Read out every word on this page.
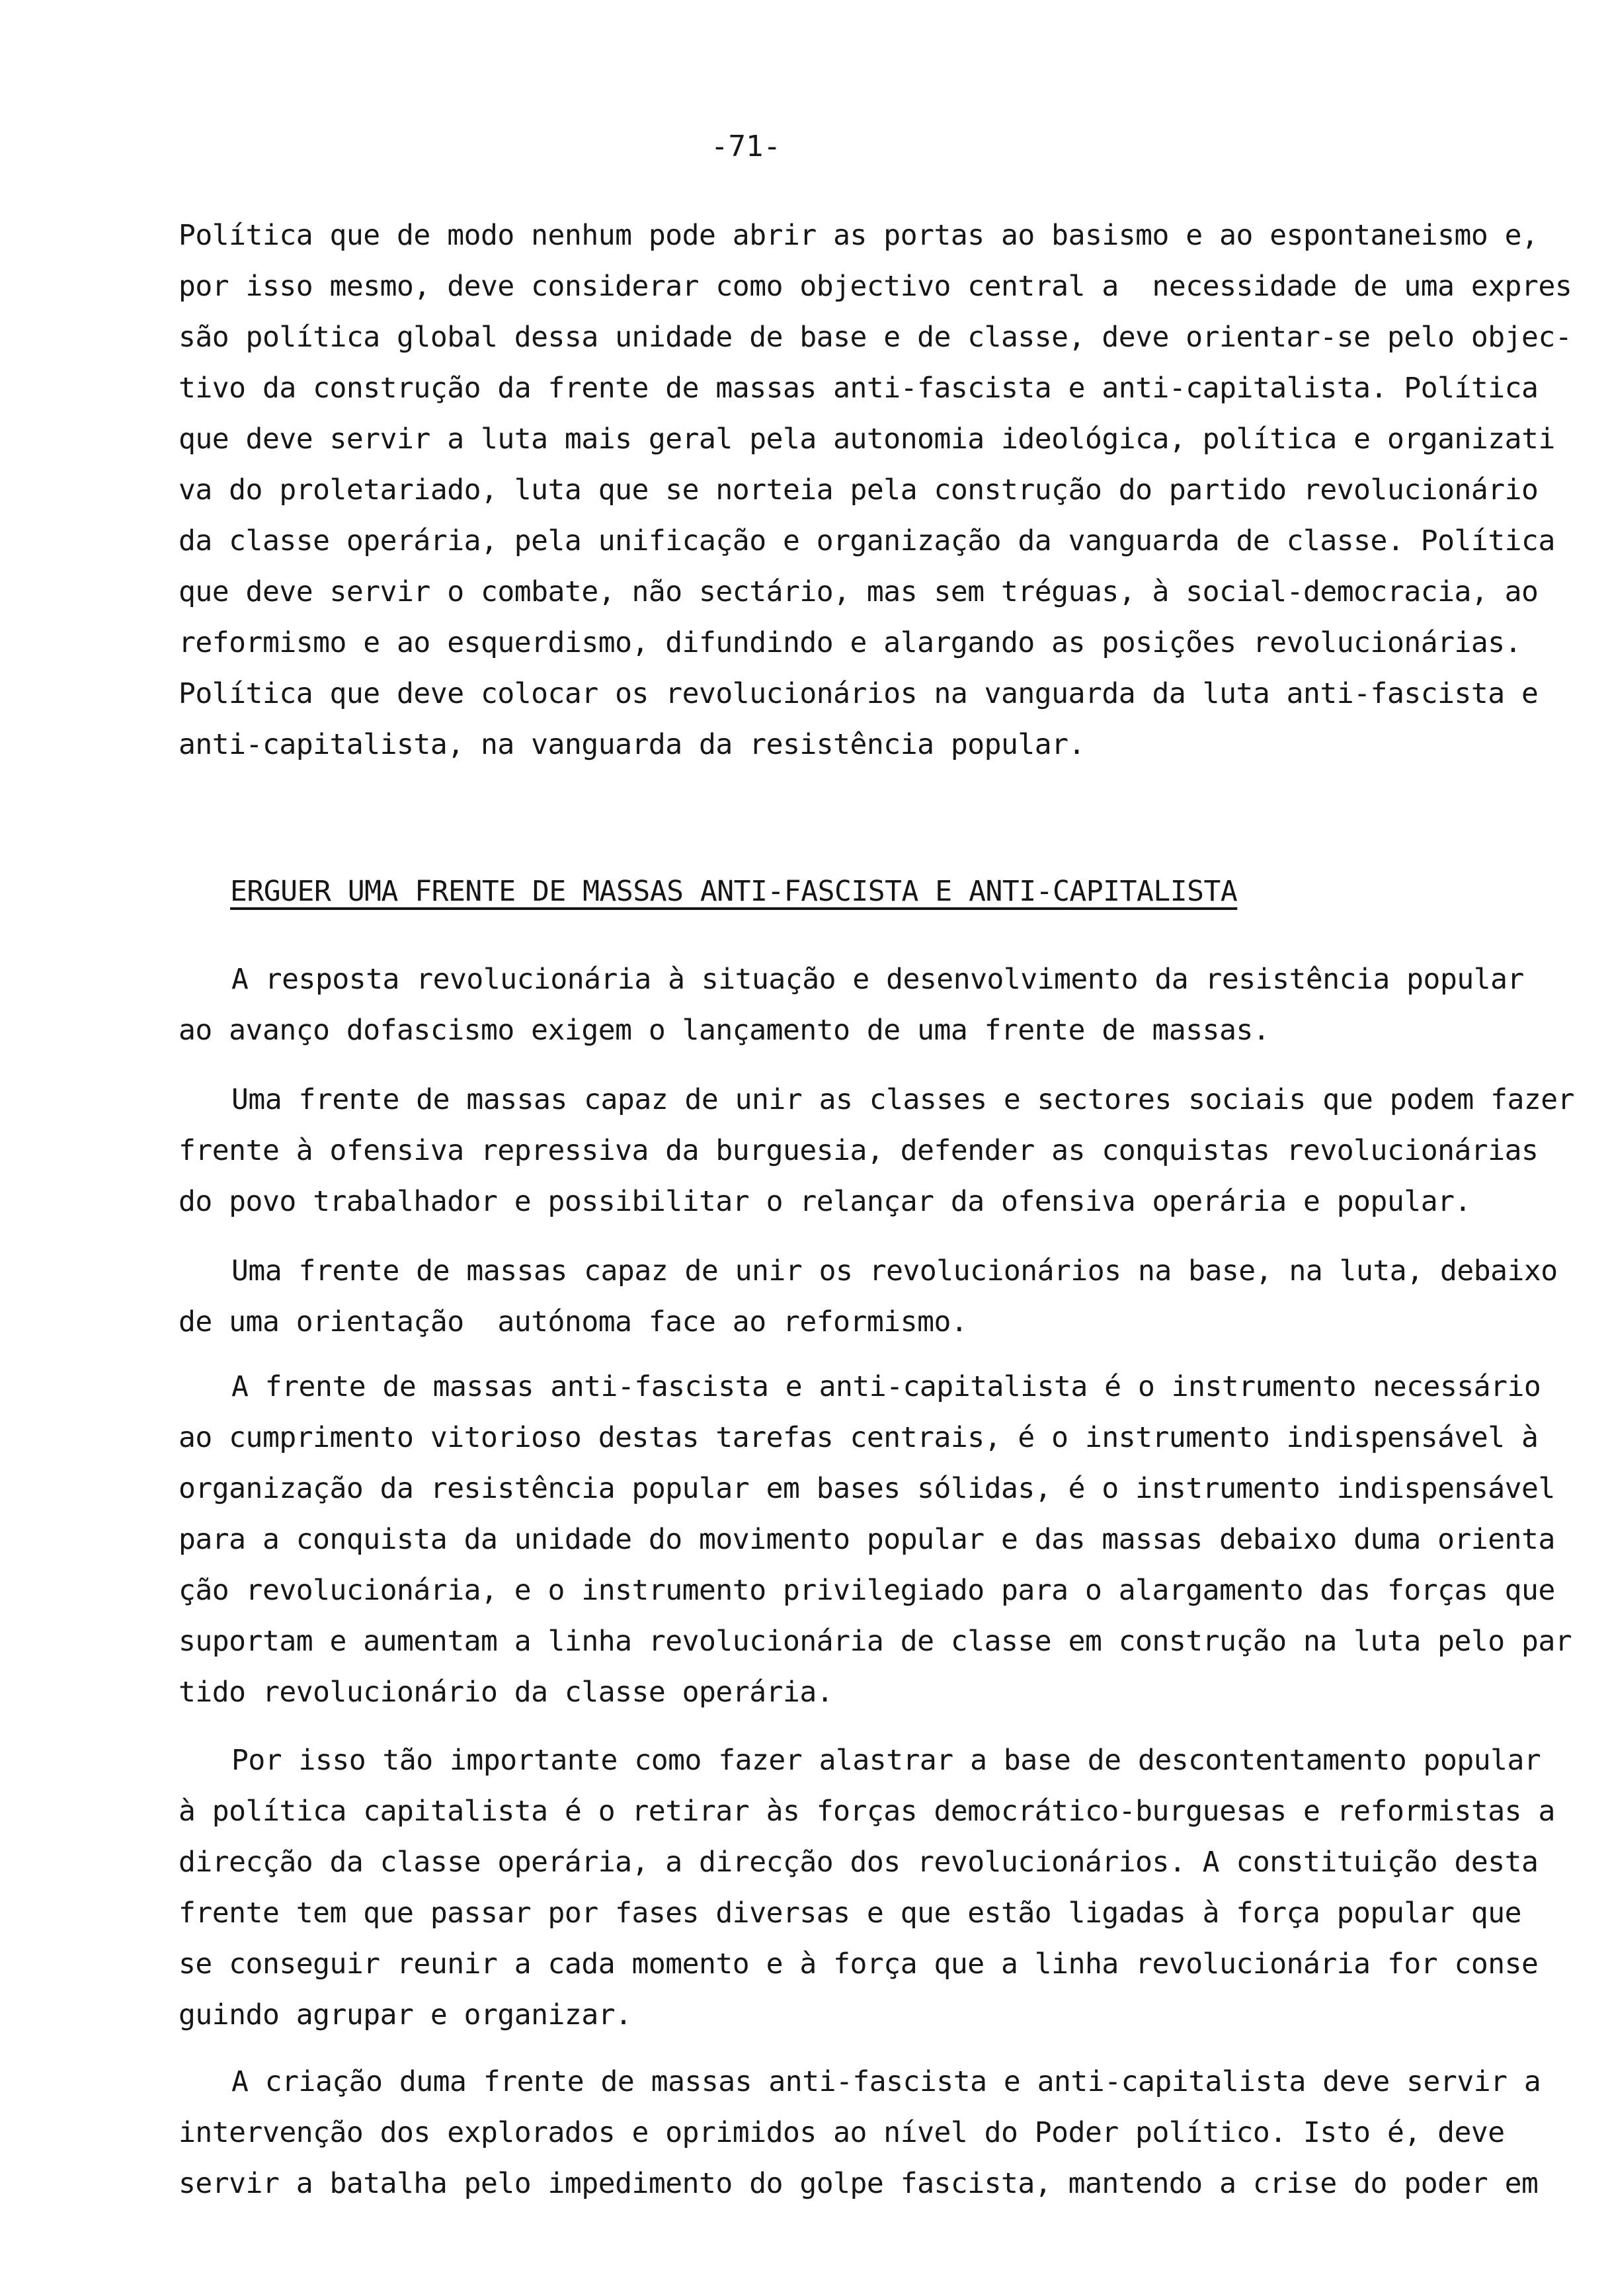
-71-
Política que de modo nenhum pode abrir as portas ao basismo e ao espontaneismo e,
por isso mesmo, deve considerar como objectivo central a  necessidade de uma expres
são política global dessa unidade de base e de classe, deve orientar-se pelo objec-
tivo da construção da frente de massas anti-fascista e anti-capitalista. Política
que deve servir a luta mais geral pela autonomia ideológica, política e organizati
va do proletariado, luta que se norteia pela construção do partido revolucionário
da classe operária, pela unificação e organização da vanguarda de classe. Política
que deve servir o combate, não sectário, mas sem tréguas, à social-democracia, ao
reformismo e ao esquerdismo, difundindo e alargando as posições revolucionárias.
Política que deve colocar os revolucionários na vanguarda da luta anti-fascista e
anti-capitalista, na vanguarda da resistência popular.
ERGUER UMA FRENTE DE MASSAS ANTI-FASCISTA E ANTI-CAPITALISTA
A resposta revolucionária à situação e desenvolvimento da resistência popular
ao avanço dofascismo exigem o lançamento de uma frente de massas.
Uma frente de massas capaz de unir as classes e sectores sociais que podem fazer
frente à ofensiva repressiva da burguesia, defender as conquistas revolucionárias
do povo trabalhador e possibilitar o relançar da ofensiva operária e popular.
Uma frente de massas capaz de unir os revolucionários na base, na luta, debaixo
de uma orientação  autónoma face ao reformismo.
A frente de massas anti-fascista e anti-capitalista é o instrumento necessário
ao cumprimento vitorioso destas tarefas centrais, é o instrumento indispensável à
organização da resistência popular em bases sólidas, é o instrumento indispensável
para a conquista da unidade do movimento popular e das massas debaixo duma orienta
ção revolucionária, e o instrumento privilegiado para o alargamento das forças que
suportam e aumentam a linha revolucionária de classe em construção na luta pelo par
tido revolucionário da classe operária.
Por isso tão importante como fazer alastrar a base de descontentamento popular
à política capitalista é o retirar às forças democrático-burguesas e reformistas a
direcção da classe operária, a direcção dos revolucionários. A constituição desta
frente tem que passar por fases diversas e que estão ligadas à força popular que
se conseguir reunir a cada momento e à força que a linha revolucionária for conse
guindo agrupar e organizar.
A criação duma frente de massas anti-fascista e anti-capitalista deve servir a
intervenção dos explorados e oprimidos ao nível do Poder político. Isto é, deve
servir a batalha pelo impedimento do golpe fascista, mantendo a crise do poder em
